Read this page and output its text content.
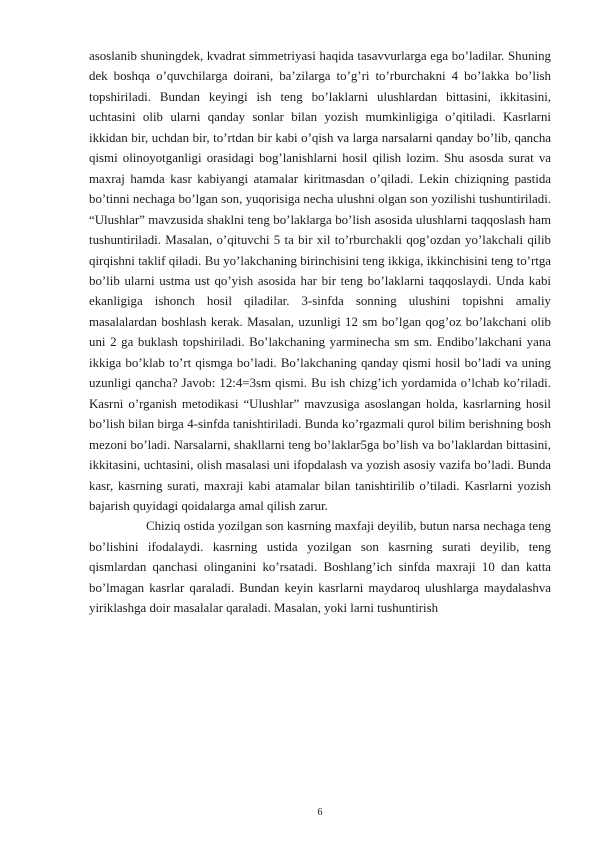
asoslanib shuningdek, kvadrat simmetriyasi haqida tasavvurlarga ega bo’ladilar. Shuning dek boshqa o’quvchilarga doirani, ba’zilarga to’g’ri to’rburchakni 4 bo’lakka bo’lish topshiriladi. Bundan keyingi ish teng bo’laklarni ulushlardan bittasini, ikkitasini, uchtasini olib ularni qanday sonlar bilan yozish mumkinligiga o’qitiladi. Kasrlarni ikkidan bir, uchdan bir, to’rtdan bir kabi o’qish va larga narsalarni qanday bo’lib, qancha qismi olinoyotganligi orasidagi bog’lanishlarni hosil qilish lozim. Shu asosda surat va maxraj hamda kasr kabiyangi atamalar kiritmasdan o’qiladi. Lekin chiziqning pastida bo’tinni nechaga bo’lgan son, yuqorisiga necha ulushni olgan son yozilishi tushuntiriladi. “Ulushlar” mavzusida shaklni teng bo’laklarga bo’lish asosida ulushlarni taqqoslash ham tushuntiriladi. Masalan, o’qituvchi 5 ta bir xil to’rburchakli qog’ozdan yo’lakchali qilib qirqishni taklif qiladi. Bu yo’lakchaning birinchisini teng ikkiga, ikkinchisini teng to’rtga bo’lib ularni ustma ust qo’yish asosida har bir teng bo’laklarni taqqoslaydi. Unda kabi ekanligiga ishonch hosil qiladilar. 3-sinfda sonning ulushini topishni amaliy masalalardan boshlash kerak. Masalan, uzunligi 12 sm bo’lgan qog’oz bo’lakchani olib uni 2 ga buklash topshiriladi. Bo’lakchaning yarminecha sm sm. Endibo’lakchani yana ikkiga bo’klab to’rt qismga bo’ladi. Bo’lakchaning qanday qismi hosil bo’ladi va uning uzunligi qancha? Javob: 12:4=3sm qismi. Bu ish chizg’ich yordamida o’lchab ko’riladi. Kasrni o’rganish metodikasi “Ulushlar” mavzusiga asoslangan holda, kasrlarning hosil bo’lish bilan birga 4-sinfda tanishtiriladi. Bunda ko’rgazmali qurol bilim berishning bosh mezoni bo’ladi. Narsalarni, shakllarni teng bo’laklar5ga bo’lish va bo’laklardan bittasini, ikkitasini, uchtasini, olish masalasi uni ifopdalash va yozish asosiy vazifa bo’ladi. Bunda kasr, kasrning surati, maxraji kabi atamalar bilan tanishtirilib o’tiladi. Kasrlarni yozish bajarish quyidagi qoidalarga amal qilish zarur.

Chiziq ostida yozilgan son kasrning maxfaji deyilib, butun narsa nechaga teng bo’lishini ifodalaydi. kasrning ustida yozilgan son kasrning surati deyilib, teng qismlardan qanchasi olinganini ko’rsatadi. Boshlang’ich sinfda maxraji 10 dan katta bo’lmagan kasrlar qaraladi. Bundan keyin kasrlarni maydaroq ulushlarga maydalashva yiriklashga doir masalalar qaraladi. Masalan, yoki larni tushuntirish

6
